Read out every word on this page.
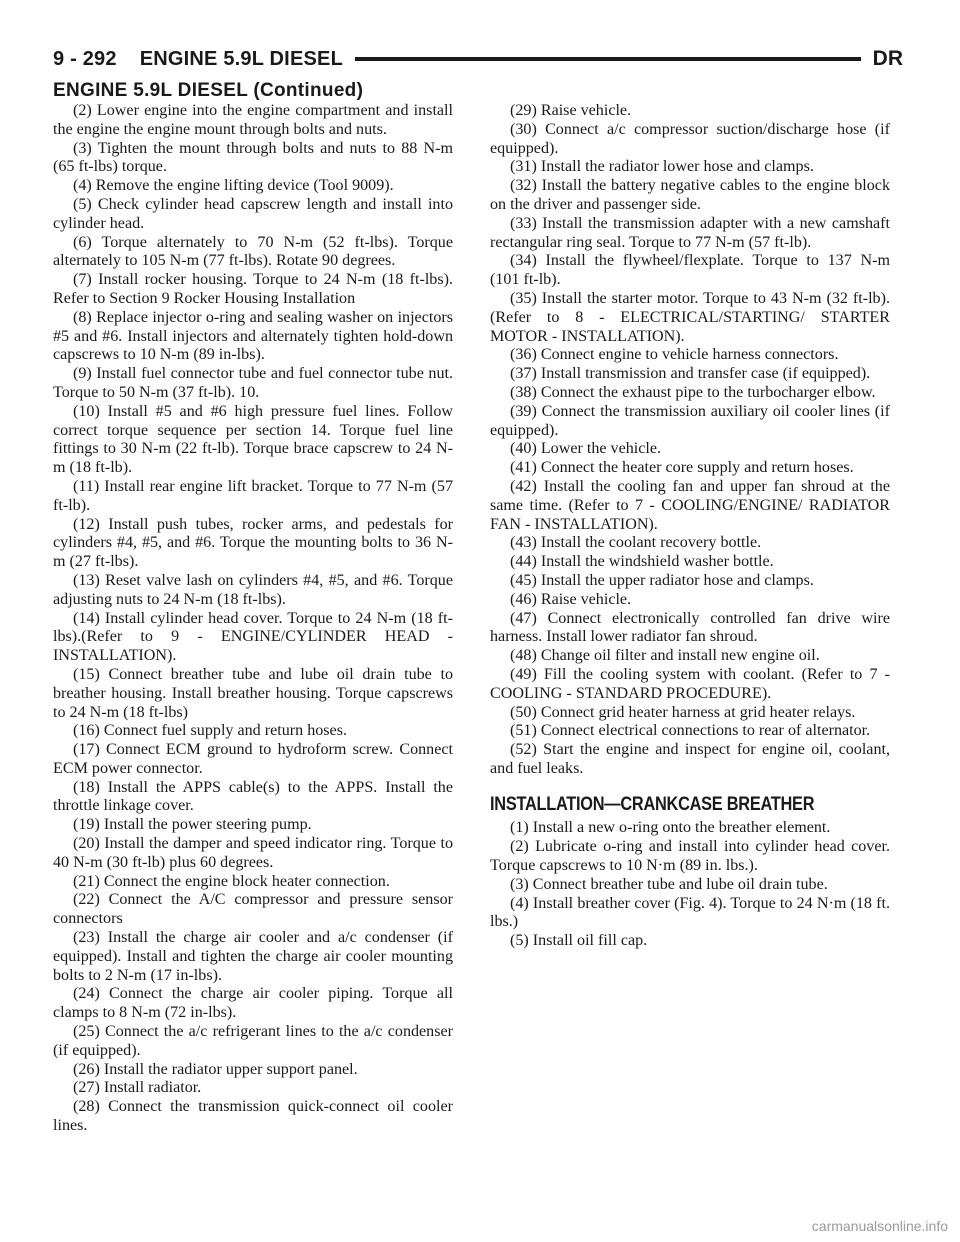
9 - 292    ENGINE 5.9L DIESEL	DR
ENGINE 5.9L DIESEL (Continued)

(2) Lower engine into the engine compartment and install the engine the engine mount through bolts and nuts.

(3) Tighten the mount through bolts and nuts to 88 N-m (65 ft-lbs) torque.

(4) Remove the engine lifting device (Tool 9009).

(5) Check cylinder head capscrew length and install into cylinder head.

(6) Torque alternately to 70 N-m (52 ft-lbs). Torque alternately to 105 N-m (77 ft-lbs). Rotate 90 degrees.

(7) Install rocker housing. Torque to 24 N-m (18 ft-lbs). Refer to Section 9 Rocker Housing Installation

(8) Replace injector o-ring and sealing washer on injectors #5 and #6. Install injectors and alternately tighten hold-down capscrews to 10 N-m (89 in-lbs).

(9) Install fuel connector tube and fuel connector tube nut. Torque to 50 N-m (37 ft-lb). 10.

(10) Install #5 and #6 high pressure fuel lines. Follow correct torque sequence per section 14. Torque fuel line fittings to 30 N-m (22 ft-lb). Torque brace capscrew to 24 N-m (18 ft-lb).

(11) Install rear engine lift bracket. Torque to 77 N-m (57 ft-lb).

(12) Install push tubes, rocker arms, and pedestals for cylinders #4, #5, and #6. Torque the mounting bolts to 36 N-m (27 ft-lbs).

(13) Reset valve lash on cylinders #4, #5, and #6. Torque adjusting nuts to 24 N-m (18 ft-lbs).

(14) Install cylinder head cover. Torque to 24 N-m (18 ft-lbs).(Refer to 9 - ENGINE/CYLINDER HEAD - INSTALLATION).

(15) Connect breather tube and lube oil drain tube to breather housing. Install breather housing. Torque capscrews to 24 N-m (18 ft-lbs)

(16) Connect fuel supply and return hoses.

(17) Connect ECM ground to hydroform screw. Connect ECM power connector.

(18) Install the APPS cable(s) to the APPS. Install the throttle linkage cover.

(19) Install the power steering pump.

(20) Install the damper and speed indicator ring. Torque to 40 N-m (30 ft-lb) plus 60 degrees.

(21) Connect the engine block heater connection.

(22) Connect the A/C compressor and pressure sensor connectors

(23) Install the charge air cooler and a/c condenser (if equipped). Install and tighten the charge air cooler mounting bolts to 2 N-m (17 in-lbs).

(24) Connect the charge air cooler piping. Torque all clamps to 8 N-m (72 in-lbs).

(25) Connect the a/c refrigerant lines to the a/c condenser (if equipped).

(26) Install the radiator upper support panel.

(27) Install radiator.

(28) Connect the transmission quick-connect oil cooler lines.

(29) Raise vehicle.

(30) Connect a/c compressor suction/discharge hose (if equipped).

(31) Install the radiator lower hose and clamps.

(32) Install the battery negative cables to the engine block on the driver and passenger side.

(33) Install the transmission adapter with a new camshaft rectangular ring seal. Torque to 77 N-m (57 ft-lb).

(34) Install the flywheel/flexplate. Torque to 137 N-m (101 ft-lb).

(35) Install the starter motor. Torque to 43 N-m (32 ft-lb). (Refer to 8 - ELECTRICAL/STARTING/ STARTER MOTOR - INSTALLATION).

(36) Connect engine to vehicle harness connectors.

(37) Install transmission and transfer case (if equipped).

(38) Connect the exhaust pipe to the turbocharger elbow.

(39) Connect the transmission auxiliary oil cooler lines (if equipped).

(40) Lower the vehicle.

(41) Connect the heater core supply and return hoses.

(42) Install the cooling fan and upper fan shroud at the same time. (Refer to 7 - COOLING/ENGINE/ RADIATOR FAN - INSTALLATION).

(43) Install the coolant recovery bottle.

(44) Install the windshield washer bottle.

(45) Install the upper radiator hose and clamps.

(46) Raise vehicle.

(47) Connect electronically controlled fan drive wire harness. Install lower radiator fan shroud.

(48) Change oil filter and install new engine oil.

(49) Fill the cooling system with coolant. (Refer to 7 - COOLING - STANDARD PROCEDURE).

(50) Connect grid heater harness at grid heater relays.

(51) Connect electrical connections to rear of alternator.

(52) Start the engine and inspect for engine oil, coolant, and fuel leaks.

INSTALLATION—CRANKCASE BREATHER

(1) Install a new o-ring onto the breather element.

(2) Lubricate o-ring and install into cylinder head cover. Torque capscrews to 10 N·m (89 in. lbs.).

(3) Connect breather tube and lube oil drain tube.

(4) Install breather cover (Fig. 4). Torque to 24 N·m (18 ft. lbs.)

(5) Install oil fill cap.

carmanualsonline.info
